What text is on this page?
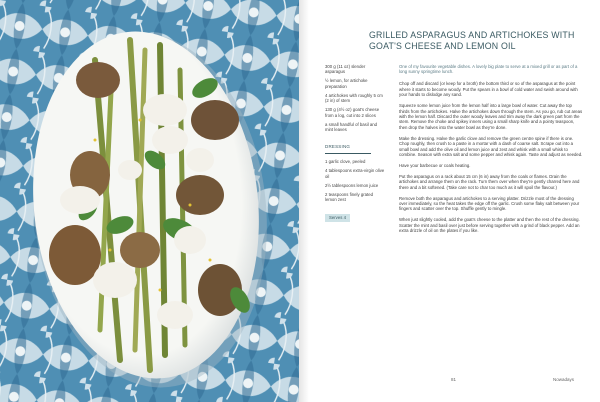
GRILLED ASPARAGUS AND ARTICHOKES WITH GOAT'S CHEESE AND LEMON OIL
300 g (11 oz) slender asparagus
½ lemon, for artichoke preparation
4 artichokes with roughly 5 cm (2 in) of stem
130 g (4½ oz) goat's cheese from a log, cut into 2 slices
a small handful of basil and mint leaves
DRESSING
1 garlic clove, peeled
4 tablespoons extra-virgin olive oil
2½ tablespoons lemon juice
2 teaspoons finely grated lemon zest
Serves 4

One of my favourite vegetable dishes. A lovely big plate to serve at a mixed grill or as part of a long sunny springtime lunch.

Chop off and discard (or keep for a broth) the bottom third or so of the asparagus at the point where it starts to become woody. Put the spears in a bowl of cold water and swish around with your hands to dislodge any sand.

Squeeze some lemon juice from the lemon half into a large bowl of water. Cut away the top thirds from the artichokes. Halve the artichokes down through the stem. As you go, rub cut areas with the lemon half. Discard the outer woody leaves and trim away the dark green part from the stem. Remove the choke and spikey inners using a small sharp knife and a pointy teaspoon, then drop the halves into the water bowl as they're done.

Make the dressing. Halve the garlic clove and remove the green centre spine if there is one. Chop roughly, then crush to a paste in a mortar with a dash of coarse salt. Scrape out into a small bowl and add the olive oil and lemon juice and zest and whisk with a small whisk to combine. Season with extra salt and some pepper and whisk again. Taste and adjust as needed.

Have your barbecue or coals heating.

Put the asparagus on a rack about 15 cm (6 in) away from the coals or flames. Drain the artichokes and arrange them on the rack. Turn them over when they're gently charred here and there and a bit softened. (Take care not to char too much as it will spoil the flavour.)

Remove both the asparagus and artichokes to a serving platter. Drizzle most of the dressing over immediately, so the heat takes the edge off the garlic. Crush some flaky salt between your fingers and scatter over the top. Shuffle gently to mingle.

When just slightly cooled, add the goat's cheese to the platter and then the rest of the dressing. Scatter the mint and basil over just before serving together with a grind of black pepper. Add an extra drizzle of oil on the plates if you like.

81	Nowadays
